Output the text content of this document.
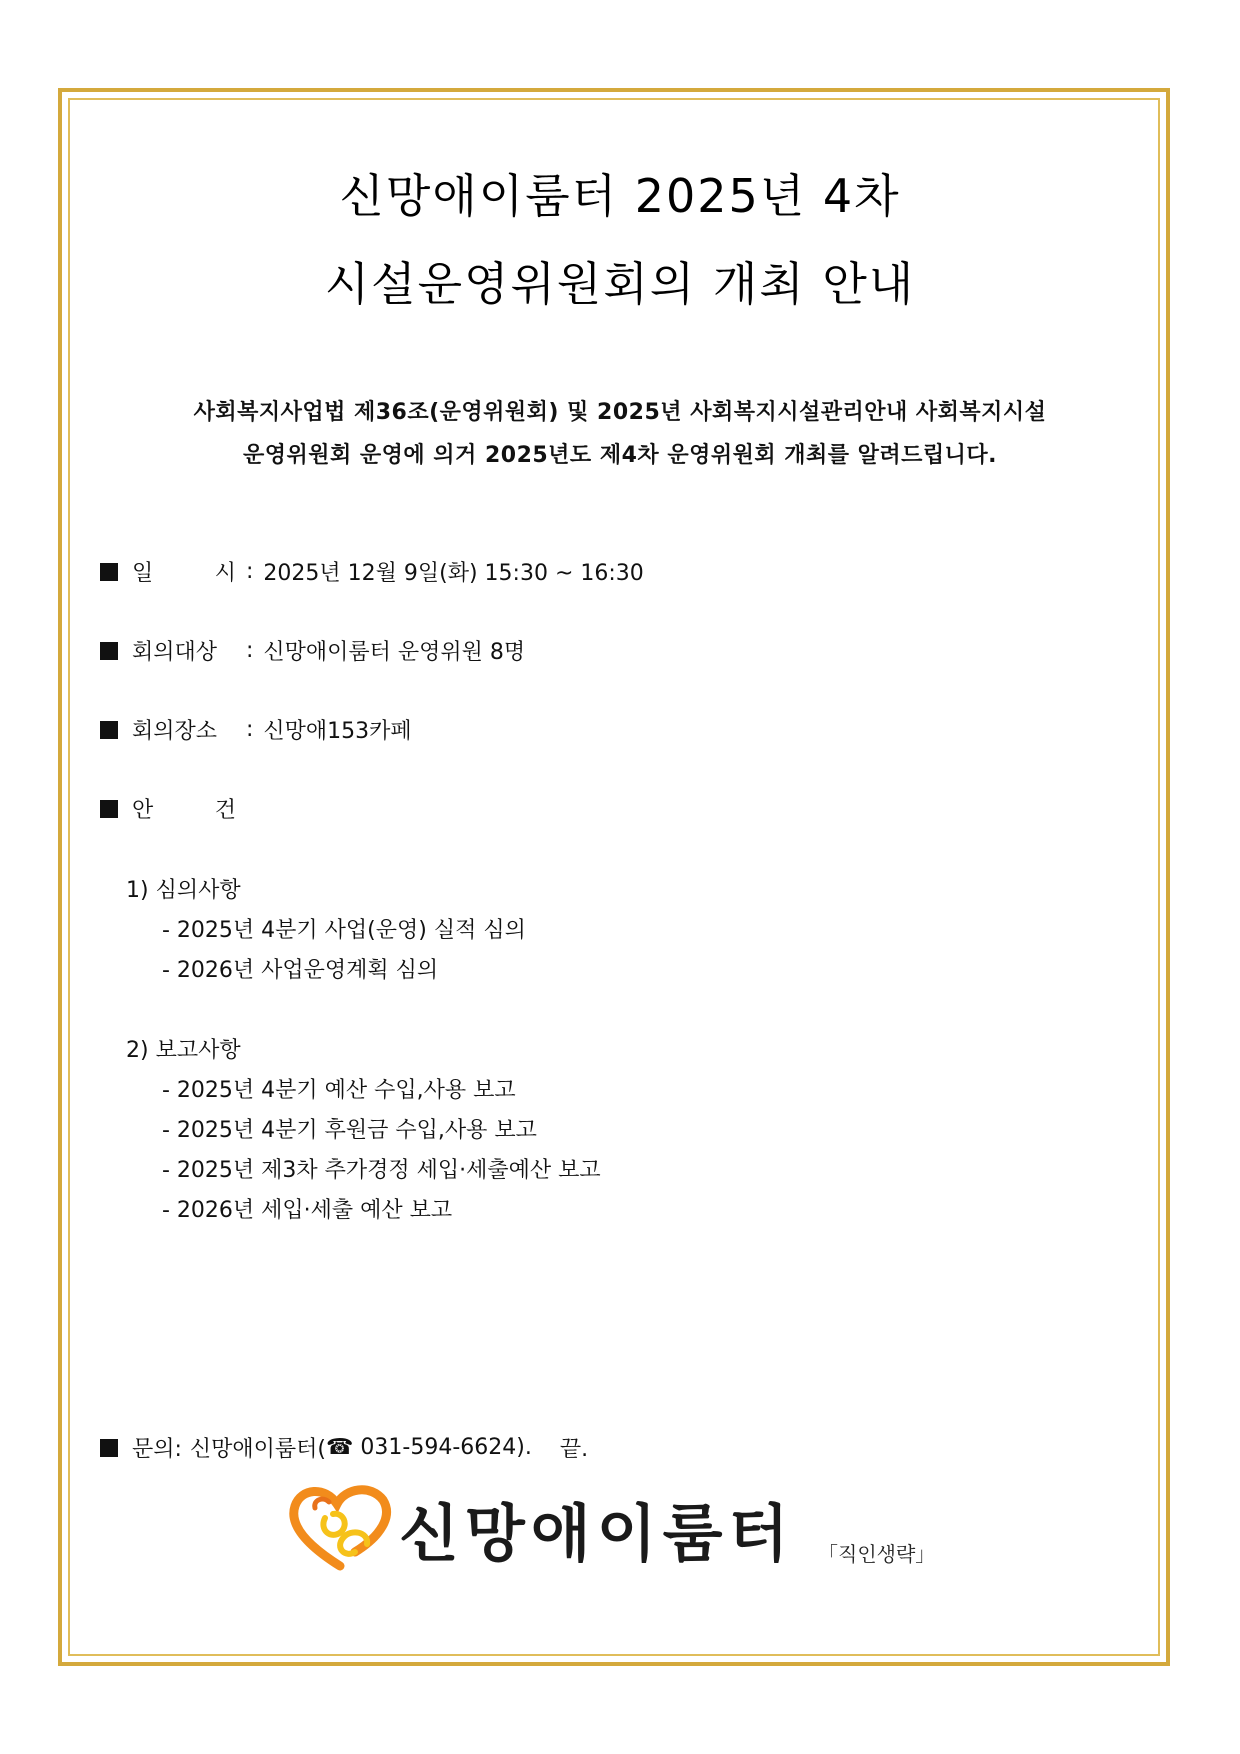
신망애이룸터 2025년 4차
시설운영위원회의 개최 안내
사회복지사업법 제36조(운영위원회) 및 2025년 사회복지시설관리안내 사회복지시설
운영위원회 운영에 의거 2025년도 제4차 운영위원회 개최를 알려드립니다.
일	시 : 2025년 12월 9일(화) 15:30 ~ 16:30
회의대상	: 신망애이룸터 운영위원 8명
회의장소	: 신망애153카페
안	건
1) 심의사항
- 2025년 4분기 사업(운영) 실적 심의
- 2026년 사업운영계획 심의
2) 보고사항
- 2025년 4분기 예산 수입,사용 보고
- 2025년 4분기 후원금 수입,사용 보고
- 2025년 제3차 추가경정 세입·세출예산 보고
- 2026년 세입·세출 예산 보고
문의: 신망애이룸터( ☎ 031-594-6624). 끝.
신망애이룸터 「직인생략」
